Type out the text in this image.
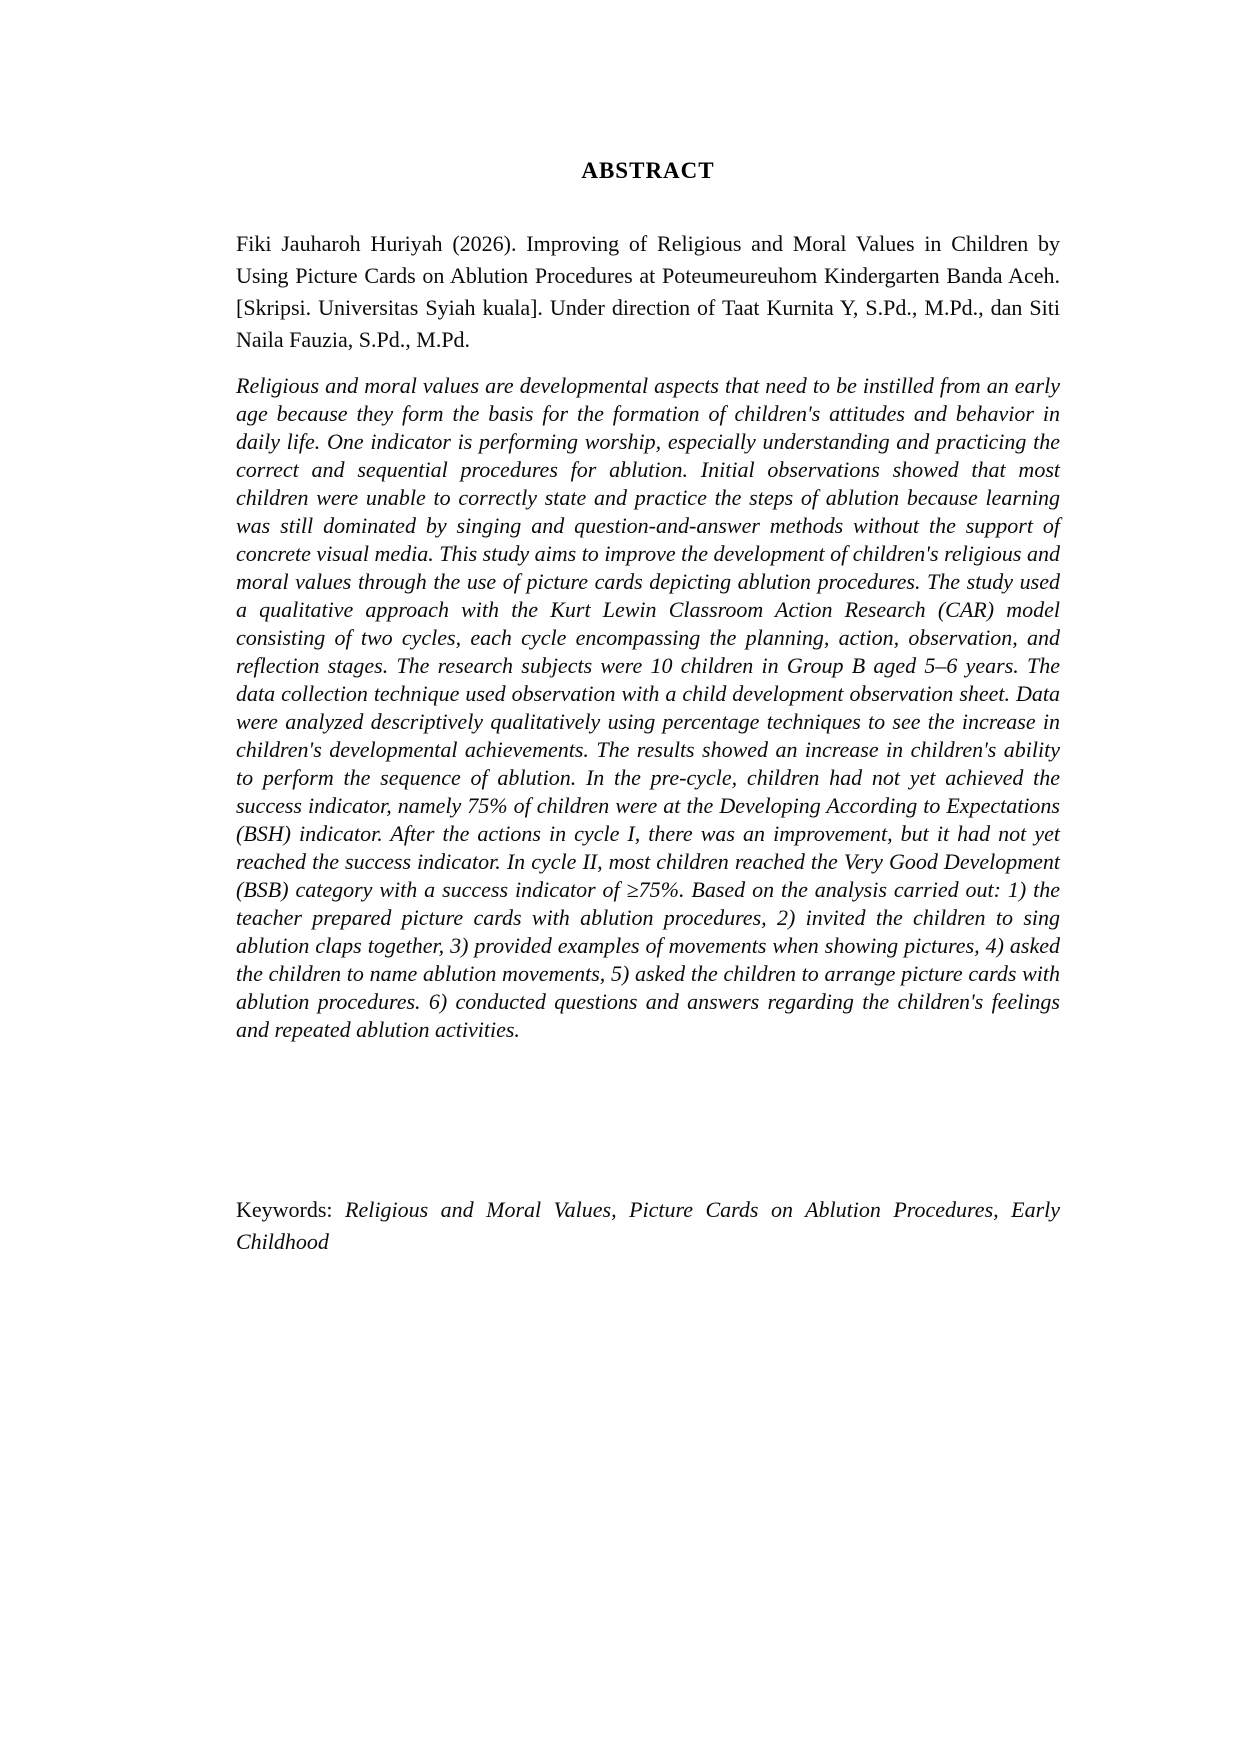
ABSTRACT

Fiki Jauharoh Huriyah (2026). Improving of Religious and Moral Values in Children by Using Picture Cards on Ablution Procedures at Poteumeureuhom Kindergarten Banda Aceh. [Skripsi. Universitas Syiah kuala]. Under direction of Taat Kurnita Y, S.Pd., M.Pd., dan Siti Naila Fauzia, S.Pd., M.Pd.

Religious and moral values are developmental aspects that need to be instilled from an early age because they form the basis for the formation of children's attitudes and behavior in daily life. One indicator is performing worship, especially understanding and practicing the correct and sequential procedures for ablution. Initial observations showed that most children were unable to correctly state and practice the steps of ablution because learning was still dominated by singing and question-and-answer methods without the support of concrete visual media. This study aims to improve the development of children's religious and moral values through the use of picture cards depicting ablution procedures. The study used a qualitative approach with the Kurt Lewin Classroom Action Research (CAR) model consisting of two cycles, each cycle encompassing the planning, action, observation, and reflection stages. The research subjects were 10 children in Group B aged 5–6 years. The data collection technique used observation with a child development observation sheet. Data were analyzed descriptively qualitatively using percentage techniques to see the increase in children's developmental achievements. The results showed an increase in children's ability to perform the sequence of ablution. In the pre-cycle, children had not yet achieved the success indicator, namely 75% of children were at the Developing According to Expectations (BSH) indicator. After the actions in cycle I, there was an improvement, but it had not yet reached the success indicator. In cycle II, most children reached the Very Good Development (BSB) category with a success indicator of ≥75%. Based on the analysis carried out: 1) the teacher prepared picture cards with ablution procedures, 2) invited the children to sing ablution claps together, 3) provided examples of movements when showing pictures, 4) asked the children to name ablution movements, 5) asked the children to arrange picture cards with ablution procedures. 6) conducted questions and answers regarding the children's feelings and repeated ablution activities.

Keywords: Religious and Moral Values, Picture Cards on Ablution Procedures, Early Childhood
